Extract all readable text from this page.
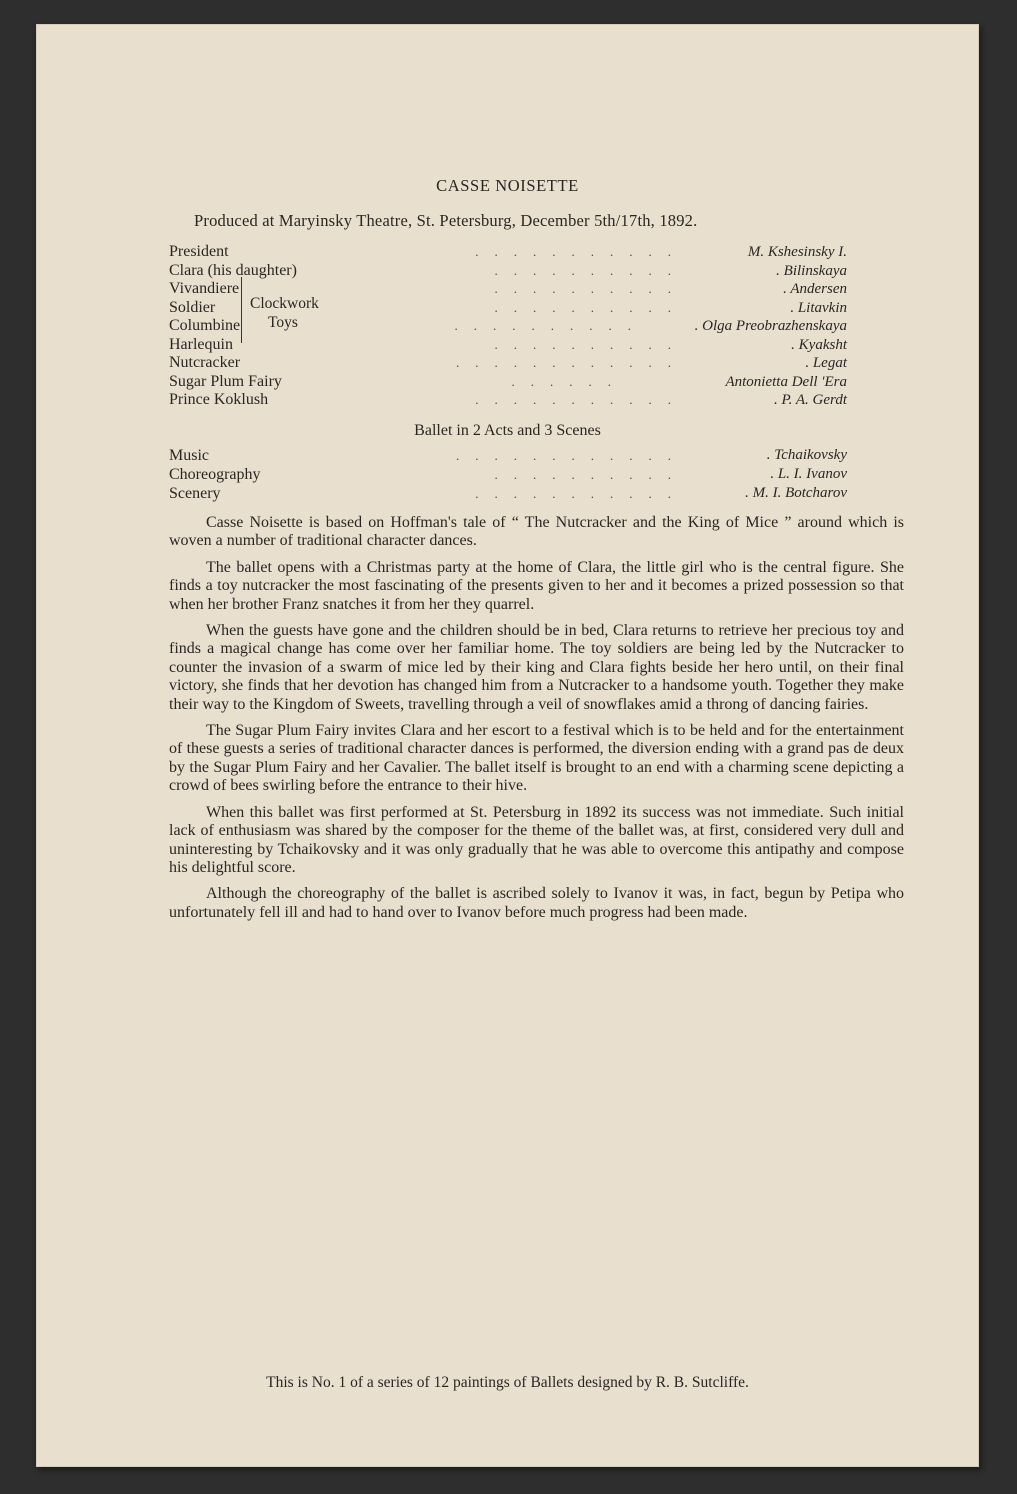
CASSE NOISETTE
Produced at Maryinsky Theatre, St. Petersburg, December 5th/17th, 1892.
President	...........	M. Kshesinsky I.
Clara (his daughter)	..........	. Bilinskaya
Vivandiere	..........	. Andersen
Soldier	..........	. Litavkin
Columbine	..........	. Olga Preobrazhenskaya
Harlequin	..........	. Kyaksht
Nutcracker	............	. Legat
Sugar Plum Fairy	......	Antonietta Dell 'Era
Prince Koklush	...........	. P. A. Gerdt
Clockwork
Toys
Ballet in 2 Acts and 3 Scenes
Music	............	. Tchaikovsky
Choreography	..........	. L. I. Ivanov
Scenery	...........	. M. I. Botcharov

Casse Noisette is based on Hoffman's tale of “ The Nutcracker and the King of Mice ” around which is woven a number of traditional character dances.

The ballet opens with a Christmas party at the home of Clara, the little girl who is the central figure. She finds a toy nutcracker the most fascinating of the presents given to her and it becomes a prized possession so that when her brother Franz snatches it from her they quarrel.

When the guests have gone and the children should be in bed, Clara returns to retrieve her precious toy and finds a magical change has come over her familiar home. The toy soldiers are being led by the Nutcracker to counter the invasion of a swarm of mice led by their king and Clara fights beside her hero until, on their final victory, she finds that her devotion has changed him from a Nutcracker to a handsome youth. Together they make their way to the Kingdom of Sweets, travelling through a veil of snowflakes amid a throng of dancing fairies.

The Sugar Plum Fairy invites Clara and her escort to a festival which is to be held and for the entertainment of these guests a series of traditional character dances is performed, the diversion ending with a grand pas de deux by the Sugar Plum Fairy and her Cavalier. The ballet itself is brought to an end with a charming scene depicting a crowd of bees swirling before the entrance to their hive.

When this ballet was first performed at St. Petersburg in 1892 its success was not immediate. Such initial lack of enthusiasm was shared by the composer for the theme of the ballet was, at first, considered very dull and uninteresting by Tchaikovsky and it was only gradually that he was able to overcome this antipathy and compose his delightful score.

Although the choreography of the ballet is ascribed solely to Ivanov it was, in fact, begun by Petipa who unfortunately fell ill and had to hand over to Ivanov before much progress had been made.

This is No. 1 of a series of 12 paintings of Ballets designed by R. B. Sutcliffe.
